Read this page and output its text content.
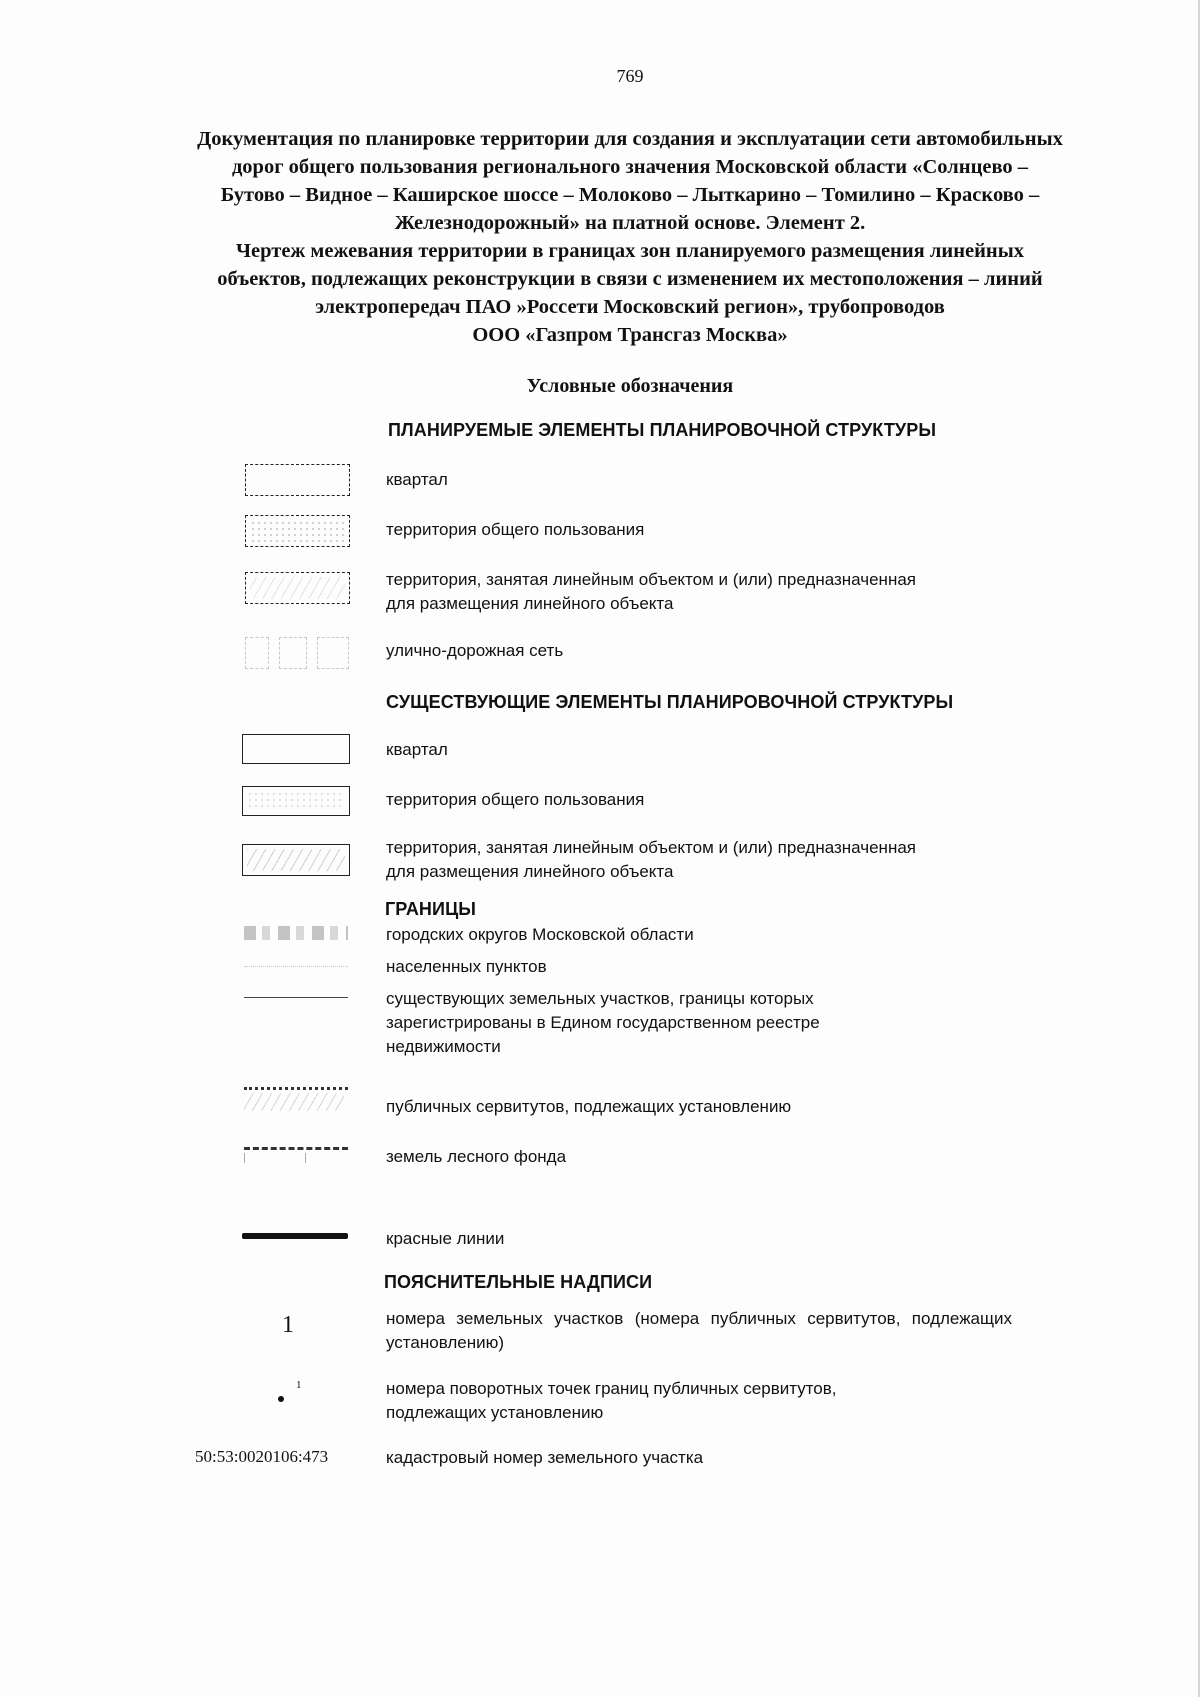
769
Документация по планировке территории для создания и эксплуатации сети автомобильных
дорог общего пользования регионального значения Московской области «Солнцево –
Бутово – Видное – Каширское шоссе – Молоково – Лыткарино – Томилино – Красково –
Железнодорожный» на платной основе. Элемент 2.
Чертеж межевания территории в границах зон планируемого размещения линейных
объектов, подлежащих реконструкции в связи с изменением их местоположения – линий
электропередач ПАО »Россети Московский регион», трубопроводов
ООО «Газпром Трансгаз Москва»
Условные обозначения
ПЛАНИРУЕМЫЕ ЭЛЕМЕНТЫ ПЛАНИРОВОЧНОЙ СТРУКТУРЫ
квартал
территория общего пользования
территория, занятая линейным объектом и (или) предназначенная
для размещения линейного объекта
улично-дорожная сеть
СУЩЕСТВУЮЩИЕ ЭЛЕМЕНТЫ ПЛАНИРОВОЧНОЙ СТРУКТУРЫ
квартал
территория общего пользования
территория, занятая линейным объектом и (или) предназначенная
для размещения линейного объекта
ГРАНИЦЫ
городских округов Московской области
населенных пунктов
существующих земельных участков, границы которых
зарегистрированы в Едином государственном реестре
недвижимости
публичных сервитутов, подлежащих установлению
земель лесного фонда
красные линии
ПОЯСНИТЕЛЬНЫЕ НАДПИСИ
1	номера земельных участков (номера публичных сервитутов, подлежащих установлению)
1	номера поворотных точек границ публичных сервитутов,
подлежащих установлению
50:53:0020106:473	кадастровый номер земельного участка
